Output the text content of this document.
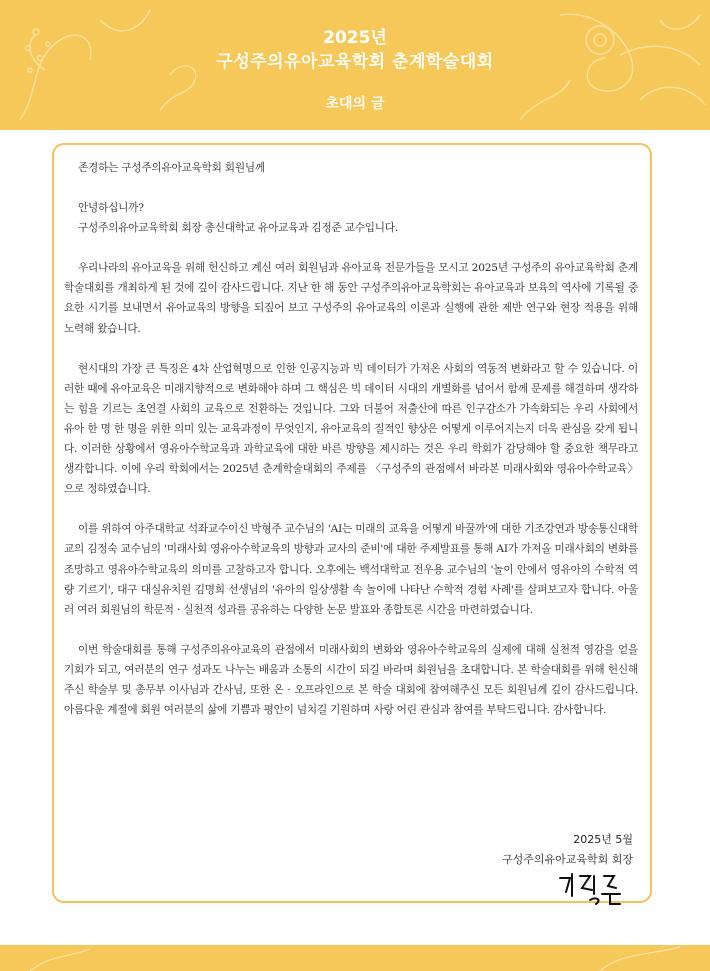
2025년
구성주의유아교육학회 춘계학술대회
초대의 글

존경하는 구성주의유아교육학회 회원님께

안녕하십니까?

구성주의유아교육학회 회장 총신대학교 유아교육과 김정준 교수입니다.

우리나라의 유아교육을 위해 헌신하고 계신 여러 회원님과 유아교육 전문가들을 모시고 2025년 구성주의 유아교육학회 춘계학술대회를 개최하게 된 것에 깊이 감사드립니다. 지난 한 해 동안 구성주의유아교육학회는 유아교육과 보육의 역사에 기록될 중요한 시기를 보내면서 유아교육의 방향을 되짚어 보고 구성주의 유아교육의 이론과 실행에 관한 제반 연구와 현장 적용을 위해 노력해 왔습니다.

현시대의 가장 큰 특징은 4차 산업혁명으로 인한 인공지능과 빅 데이터가 가져온 사회의 역동적 변화라고 할 수 있습니다. 이러한 때에 유아교육은 미래지향적으로 변화해야 하며 그 핵심은 빅 데이터 시대의 개별화를 넘어서 함께 문제를 해결하며 생각하는 힘을 기르는 초연결 사회의 교육으로 전환하는 것입니다. 그와 더불어 저출산에 따른 인구감소가 가속화되는 우리 사회에서 유아 한 명 한 명을 위한 의미 있는 교육과정이 무엇인지, 유아교육의 질적인 향상은 어떻게 이루어지는지 더욱 관심을 갖게 됩니다. 이러한 상황에서 영유아수학교육과 과학교육에 대한 바른 방향을 제시하는 것은 우리 학회가 감당해야 할 중요한 책무라고 생각합니다. 이에 우리 학회에서는 2025년 춘계학술대회의 주제를 〈구성주의 관점에서 바라본 미래사회와 영유아수학교육〉으로 정하였습니다.

이를 위하여 아주대학교 석좌교수이신 박형주 교수님의 'AI는 미래의 교육을 어떻게 바꿀까'에 대한 기조강연과 방송통신대학교의 김정숙 교수님의 '미래사회 영유아수학교육의 방향과 교사의 준비'에 대한 주제발표를 통해 AI가 가져올 미래사회의 변화를 조망하고 영유아수학교육의 의미를 고찰하고자 합니다. 오후에는 백석대학교 전우용 교수님의 '놀이 안에서 영유아의 수학적 역량 기르기', 대구 대실유치원 김명희 선생님의 '유아의 일상생활 속 놀이에 나타난 수학적 경험 사례'를 살펴보고자 합니다. 아울러 여러 회원님의 학문적 · 실천적 성과를 공유하는 다양한 논문 발표와 종합토론 시간을 마련하였습니다.

이번 학술대회를 통해 구성주의유아교육의 관점에서 미래사회의 변화와 영유아수학교육의 실제에 대해 실천적 영감을 얻을 기회가 되고, 여러분의 연구 성과도 나누는 배움과 소통의 시간이 되길 바라며 회원님을 초대합니다. 본 학술대회를 위해 헌신해주신 학술부 및 총무부 이사님과 간사님, 또한 온 · 오프라인으로 본 학술 대회에 참여해주신 모든 회원님께 깊이 감사드립니다. 아름다운 계절에 회원 여러분의 삶에 기쁨과 평안이 넘치길 기원하며 사랑 어린 관심과 참여를 부탁드립니다. 감사합니다.

2025년 5월
구성주의유아교육학회 회장
